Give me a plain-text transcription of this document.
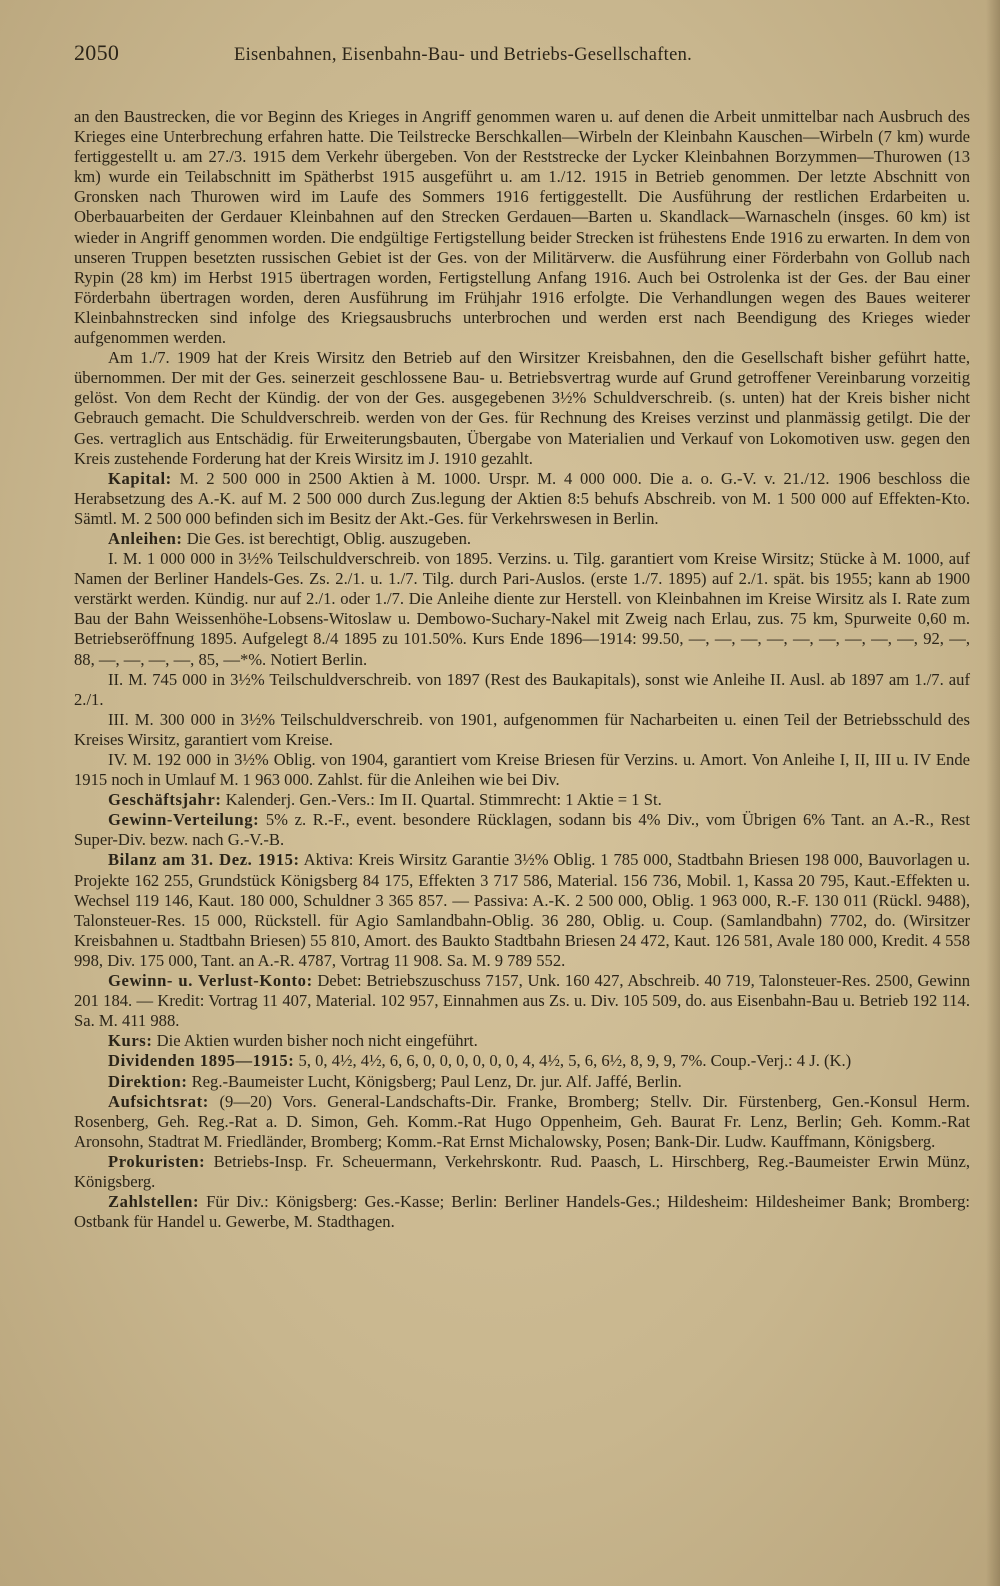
2050	Eisenbahnen, Eisenbahn-Bau- und Betriebs-Gesellschaften.

an den Baustrecken, die vor Beginn des Krieges in Angriff genommen waren u. auf denen die Arbeit unmittelbar nach Ausbruch des Krieges eine Unterbrechung erfahren hatte. Die Teilstrecke Berschkallen—Wirbeln der Kleinbahn Kauschen—Wirbeln (7 km) wurde fertiggestellt u. am 27./3. 1915 dem Verkehr übergeben. Von der Reststrecke der Lycker Kleinbahnen Borzymmen—Thurowen (13 km) wurde ein Teilabschnitt im Spätherbst 1915 ausgeführt u. am 1./12. 1915 in Betrieb genommen. Der letzte Abschnitt von Gronsken nach Thurowen wird im Laufe des Sommers 1916 fertiggestellt. Die Ausführung der restlichen Erdarbeiten u. Oberbauarbeiten der Gerdauer Kleinbahnen auf den Strecken Gerdauen—Barten u. Skandlack—Warnascheln (insges. 60 km) ist wieder in Angriff genommen worden. Die endgültige Fertigstellung beider Strecken ist frühestens Ende 1916 zu erwarten. In dem von unseren Truppen besetzten russischen Gebiet ist der Ges. von der Militärverw. die Ausführung einer Förderbahn von Gollub nach Rypin (28 km) im Herbst 1915 übertragen worden, Fertigstellung Anfang 1916. Auch bei Ostrolenka ist der Ges. der Bau einer Förderbahn übertragen worden, deren Ausführung im Frühjahr 1916 erfolgte. Die Verhandlungen wegen des Baues weiterer Kleinbahnstrecken sind infolge des Kriegsausbruchs unterbrochen und werden erst nach Beendigung des Krieges wieder aufgenommen werden.

Am 1./7. 1909 hat der Kreis Wirsitz den Betrieb auf den Wirsitzer Kreisbahnen, den die Gesellschaft bisher geführt hatte, übernommen. Der mit der Ges. seinerzeit geschlossene Bau- u. Betriebsvertrag wurde auf Grund getroffener Vereinbarung vorzeitig gelöst. Von dem Recht der Kündig. der von der Ges. ausgegebenen 3½% Schuldverschreib. (s. unten) hat der Kreis bisher nicht Gebrauch gemacht. Die Schuldverschreib. werden von der Ges. für Rechnung des Kreises verzinst und planmässig getilgt. Die der Ges. vertraglich aus Entschädig. für Erweiterungsbauten, Übergabe von Materialien und Verkauf von Lokomotiven usw. gegen den Kreis zustehende Forderung hat der Kreis Wirsitz im J. 1910 gezahlt.

Kapital: M. 2 500 000 in 2500 Aktien à M. 1000. Urspr. M. 4 000 000. Die a. o. G.-V. v. 21./12. 1906 beschloss die Herabsetzung des A.-K. auf M. 2 500 000 durch Zus.legung der Aktien 8:5 behufs Abschreib. von M. 1 500 000 auf Effekten-Kto. Sämtl. M. 2 500 000 befinden sich im Besitz der Akt.-Ges. für Verkehrswesen in Berlin.

Anleihen: Die Ges. ist berechtigt, Oblig. auszugeben.

I. M. 1 000 000 in 3½% Teilschuldverschreib. von 1895. Verzins. u. Tilg. garantiert vom Kreise Wirsitz; Stücke à M. 1000, auf Namen der Berliner Handels-Ges. Zs. 2./1. u. 1./7. Tilg. durch Pari-Auslos. (erste 1./7. 1895) auf 2./1. spät. bis 1955; kann ab 1900 verstärkt werden. Kündig. nur auf 2./1. oder 1./7. Die Anleihe diente zur Herstell. von Kleinbahnen im Kreise Wirsitz als I. Rate zum Bau der Bahn Weissenhöhe-Lobsens-Witoslaw u. Dembowo-Suchary-Nakel mit Zweig nach Erlau, zus. 75 km, Spurweite 0,60 m. Betriebseröffnung 1895. Aufgelegt 8./4 1895 zu 101.50%. Kurs Ende 1896—1914: 99.50, —, —, —, —, —, —, —, —, —, 92, —, 88, —, —, —, —, 85, —*%. Notiert Berlin.

II. M. 745 000 in 3½% Teilschuldverschreib. von 1897 (Rest des Baukapitals), sonst wie Anleihe II. Ausl. ab 1897 am 1./7. auf 2./1.

III. M. 300 000 in 3½% Teilschuldverschreib. von 1901, aufgenommen für Nacharbeiten u. einen Teil der Betriebsschuld des Kreises Wirsitz, garantiert vom Kreise.

IV. M. 192 000 in 3½% Oblig. von 1904, garantiert vom Kreise Briesen für Verzins. u. Amort. Von Anleihe I, II, III u. IV Ende 1915 noch in Umlauf M. 1 963 000. Zahlst. für die Anleihen wie bei Div.

Geschäftsjahr: Kalenderj. Gen.-Vers.: Im II. Quartal. Stimmrecht: 1 Aktie = 1 St.

Gewinn-Verteilung: 5% z. R.-F., event. besondere Rücklagen, sodann bis 4% Div., vom Übrigen 6% Tant. an A.-R., Rest Super-Div. bezw. nach G.-V.-B.

Bilanz am 31. Dez. 1915: Aktiva: Kreis Wirsitz Garantie 3½% Oblig. 1 785 000, Stadtbahn Briesen 198 000, Bauvorlagen u. Projekte 162 255, Grundstück Königsberg 84 175, Effekten 3 717 586, Material. 156 736, Mobil. 1, Kassa 20 795, Kaut.-Effekten u. Wechsel 119 146, Kaut. 180 000, Schuldner 3 365 857. — Passiva: A.-K. 2 500 000, Oblig. 1 963 000, R.-F. 130 011 (Rückl. 9488), Talonsteuer-Res. 15 000, Rückstell. für Agio Samlandbahn-Oblig. 36 280, Oblig. u. Coup. (Samlandbahn) 7702, do. (Wirsitzer Kreisbahnen u. Stadtbahn Briesen) 55 810, Amort. des Baukto Stadtbahn Briesen 24 472, Kaut. 126 581, Avale 180 000, Kredit. 4 558 998, Div. 175 000, Tant. an A.-R. 4787, Vortrag 11 908. Sa. M. 9 789 552.

Gewinn- u. Verlust-Konto: Debet: Betriebszuschuss 7157, Unk. 160 427, Abschreib. 40 719, Talonsteuer-Res. 2500, Gewinn 201 184. — Kredit: Vortrag 11 407, Material. 102 957, Einnahmen aus Zs. u. Div. 105 509, do. aus Eisenbahn-Bau u. Betrieb 192 114. Sa. M. 411 988.

Kurs: Die Aktien wurden bisher noch nicht eingeführt.

Dividenden 1895—1915: 5, 0, 4½, 4½, 6, 6, 0, 0, 0, 0, 0, 0, 4, 4½, 5, 6, 6½, 8, 9, 9, 7%. Coup.-Verj.: 4 J. (K.)

Direktion: Reg.-Baumeister Lucht, Königsberg; Paul Lenz, Dr. jur. Alf. Jaffé, Berlin.

Aufsichtsrat: (9—20) Vors. General-Landschafts-Dir. Franke, Bromberg; Stellv. Dir. Fürstenberg, Gen.-Konsul Herm. Rosenberg, Geh. Reg.-Rat a. D. Simon, Geh. Komm.-Rat Hugo Oppenheim, Geh. Baurat Fr. Lenz, Berlin; Geh. Komm.-Rat Aronsohn, Stadtrat M. Friedländer, Bromberg; Komm.-Rat Ernst Michalowsky, Posen; Bank-Dir. Ludw. Kauffmann, Königsberg.

Prokuristen: Betriebs-Insp. Fr. Scheuermann, Verkehrskontr. Rud. Paasch, L. Hirschberg, Reg.-Baumeister Erwin Münz, Königsberg.

Zahlstellen: Für Div.: Königsberg: Ges.-Kasse; Berlin: Berliner Handels-Ges.; Hildesheim: Hildesheimer Bank; Bromberg: Ostbank für Handel u. Gewerbe, M. Stadthagen.
